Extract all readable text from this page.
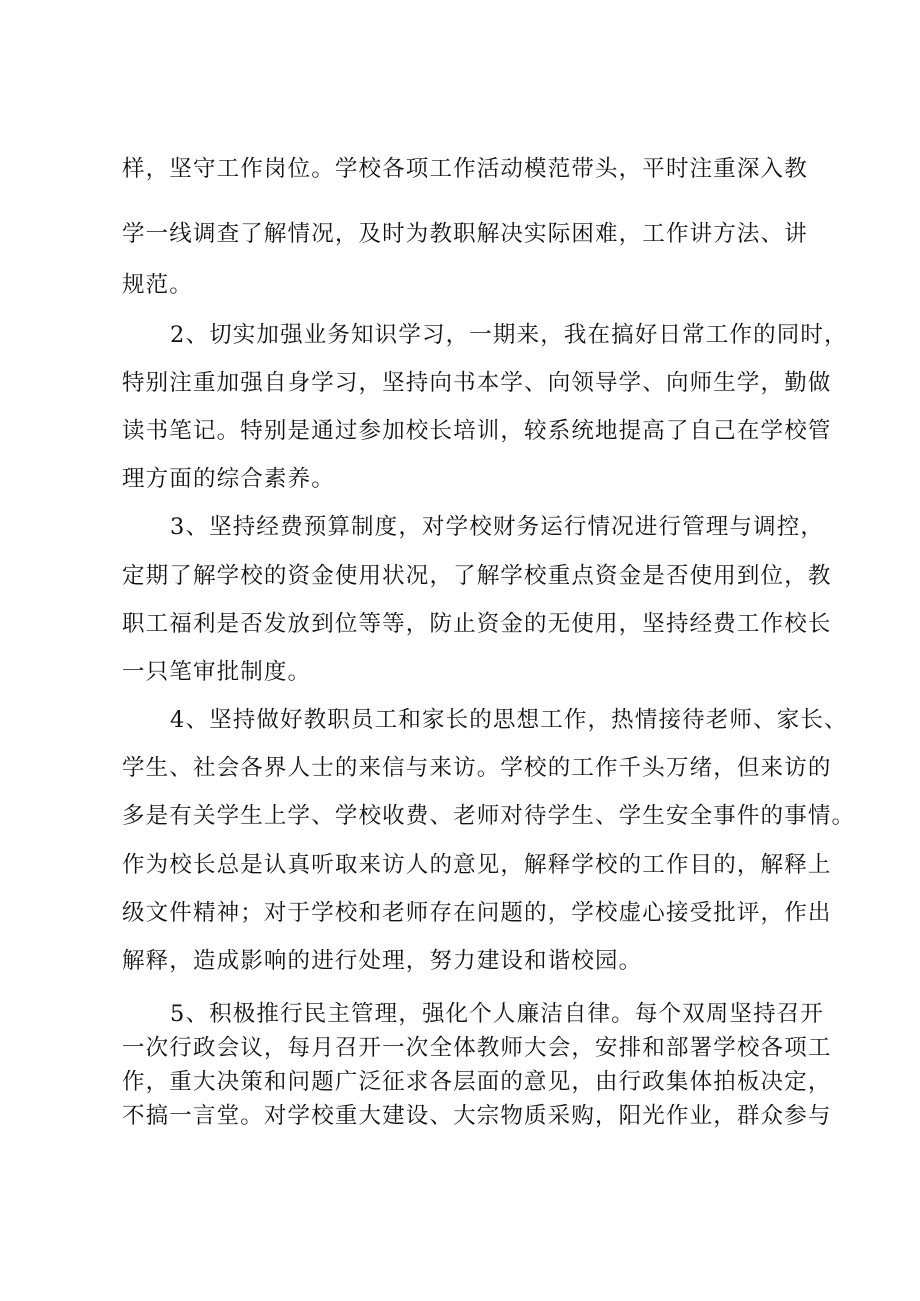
样，坚守工作岗位。学校各项工作活动模范带头，平时注重深入教

学一线调查了解情况，及时为教职解决实际困难，工作讲方法、讲

规范。

2、切实加强业务知识学习，一期来，我在搞好日常工作的同时，

特别注重加强自身学习，坚持向书本学、向领导学、向师生学，勤做

读书笔记。特别是通过参加校长培训，较系统地提高了自己在学校管

理方面的综合素养。

3、坚持经费预算制度，对学校财务运行情况进行管理与调控，

定期了解学校的资金使用状况，了解学校重点资金是否使用到位，教

职工福利是否发放到位等等，防止资金的无使用，坚持经费工作校长

一只笔审批制度。

4、坚持做好教职员工和家长的思想工作，热情接待老师、家长、

学生、社会各界人士的来信与来访。学校的工作千头万绪，但来访的

多是有关学生上学、学校收费、老师对待学生、学生安全事件的事情。

作为校长总是认真听取来访人的意见，解释学校的工作目的，解释上

级文件精神；对于学校和老师存在问题的，学校虚心接受批评，作出

解释，造成影响的进行处理，努力建设和谐校园。

5、积极推行民主管理，强化个人廉洁自律。每个双周坚持召开

一次行政会议，每月召开一次全体教师大会，安排和部署学校各项工

作，重大决策和问题广泛征求各层面的意见，由行政集体拍板决定，

不搞一言堂。对学校重大建设、大宗物质采购，阳光作业，群众参与
